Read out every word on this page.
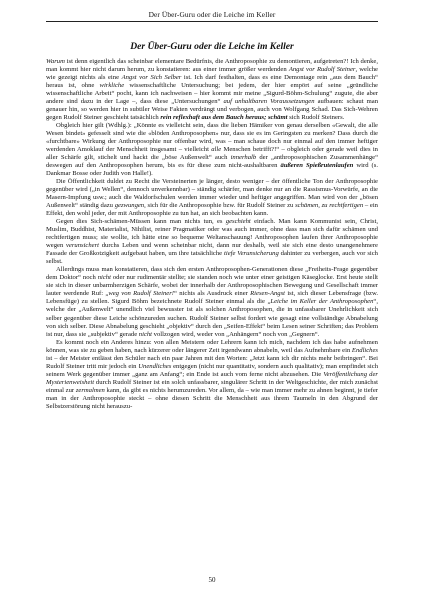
Der Über-Guru oder die Leiche im Keller
Der Über-Guru oder die Leiche im Keller

Warum ist denn eigentlich das scheinbar elementare Bedürfnis, die Anthroposophie zu demontieren, aufgetreten?! Ich denke, man kommt hier nicht darum herum, zu konstatieren: aus einer immer größer werdenden Angst vor Rudolf Steiner, welche wie gezeigt nichts als eine Angst vor Sich Selber ist. Ich darf festhalten, dass es eine Demontage rein „aus dem Bauch“ heraus ist, ohne wirkliche wissenschaftliche Untersuchung; bei jedem, der hier empört auf seine „gründliche wissenschaftliche Arbeit“ pocht, kann ich nachweisen – hier kommt mir meine „Sigurd-Böhm-Schulung“ zugute, die aber andere sind dazu in der Lage –, dass diese „Untersuchungen“ auf unhaltbaren Voraussetzungen aufbauen: schaut man genauer hin, so werden hier in subtiler Weise Fakten verdrängt und verbogen, auch von Wolfgang Schad. Das Sich-Wehren gegen Rudolf Steiner geschieht tatsächlich rein reflexhaft aus dem Bauch heraus; schämt sich Rudolf Steiners.

Obgleich hier gilt (Wdhlg.): „Könnte es vielleicht sein, dass die lieben Hämiker von genau derselben «Gewalt, die alle Wesen bindet» gefesselt sind wie die «blöden Anthroposophen» nur, dass sie es im Geringsten zu merken? Dass durch die «furchtbare» Wirkung der Anthroposophie nur offenbar wird, was – man schaue doch nur einmal auf den immer heftiger werdenden Amoklauf der Menschheit insgesamt – vielleicht alle Menschen betrifft?!“ – obgleich oder gerade weil dies in aller Schärfe gilt, stichelt und hackt die „böse Außenwelt“ auch innerhalb der „anthroposophischen Zusammenhänge“ deswegen auf den Anthroposophen herum, bis es für diese zum nicht-aushaltbaren äußeren Spießrutenlaufen wird (s. Dankmar Bosse oder Judith von Halle!).

Die Öffentlichkeit duldet zu Recht die Versteinerten je länger, desto weniger – der öffentliche Ton der Anthroposophie gegenüber wird („in Wellen“, dennoch unverkennbar) – ständig schärfer, man denke nur an die Rassismus-Vorwürfe, an die Masern-Impfung usw.; auch die Waldorfschulen werden immer wieder und heftiger angegriffen. Man wird von der „bösen Außenwelt“ ständig dazu gezwungen, sich für die Anthroposophie bzw. für Rudolf Steiner zu schämen, zu rechtfertigen – ein Effekt, den wohl jeder, der mit Anthroposophie zu tun hat, an sich beobachten kann.

Gegen dies Sich-schämen-Müssen kann man nichts tun, es geschieht einfach. Man kann Kommunist sein, Christ, Muslim, Buddhist, Materialist, Nihilist, reiner Pragmatiker oder was auch immer, ohne dass man sich dafür schämen und rechtfertigen muss; sie wollte, ich hätte eine so bequeme Weltanschauung! Anthroposophen laufen ihrer Anthroposophie wegen verunsichert durchs Leben und wenn scheinbar nicht, dann nur deshalb, weil sie sich eine desto unangenehmere Fassade der Großkotzigkeit aufgebaut haben, um ihre tatsächliche tiefe Verunsicherung dahinter zu verbergen, auch vor sich selbst.

Allerdings muss man konstatieren, dass sich den ersten Anthroposophen-Generationen diese „Freiheits-Frage gegenüber dem Doktor“ noch nicht oder nur rudimentär stellte; sie standen noch wie unter einer geistigen Käseglocke. Erst heute stellt sie sich in dieser unbarmherzigen Schärfe, wobei der innerhalb der Anthroposophischen Bewegung und Gesellschaft immer lauter werdende Ruf: „weg von Rudolf Steiner!“ nichts als Ausdruck einer Riesen-Angst ist, sich dieser Lebensfrage (bzw. Lebensfüge) zu stellen. Sigurd Böhm bezeichnete Rudolf Steiner einmal als die „Leiche im Keller der Anthroposophen“, welche der „Außenwelt“ unendlich viel bewusster ist als solchen Anthroposophen, die in unfassbarer Unehrlichkeit sich selber gegenüber diese Leiche schönzureden suchen. Rudolf Steiner selbst fordert wie gesagt eine vollständige Abnabelung von sich selber. Diese Abnabelung geschieht „objektiv“ durch den „Seifen-Effekt“ beim Lesen seiner Schriften; das Problem ist nur, dass sie „subjektiv“ gerade nicht vollzogen wird, weder von „Anhängern“ noch von „Gegnern“.

Es kommt noch ein Anderes hinzu: von allen Meistern oder Lehrern kann ich mich, nachdem ich das habe aufnehmen können, was sie zu geben haben, nach kürzerer oder längerer Zeit irgendwann abnabeln, weil das Aufnehmbare ein Endliches ist – der Meister entlässt den Schüler nach ein paar Jahren mit den Worten: „Jetzt kann ich dir nichts mehr beibringen“. Bei Rudolf Steiner tritt mir jedoch ein Unendliches entgegen (nicht nur quantitativ, sondern auch qualitativ); man empfindet sich seinem Werk gegenüber immer „ganz am Anfang“; ein Ende ist auch vom ferne nicht abzusehen. Die Veröffentlichung der Mysterienweisheit durch Rudolf Steiner ist ein solch unfassbarer, singulärer Schritt in der Weltgeschichte, der mich zunächst einmal zur zermalmen kann, da gibt es nichts herumzureden. Vor allem, da – wie man immer mehr zu ahnen beginnt, je tiefer man in der Anthroposophie steckt – ohne diesen Schritt die Menschheit aus ihrem Taumeln in den Abgrund der Selbstzerstörung nicht herauszu-

50
